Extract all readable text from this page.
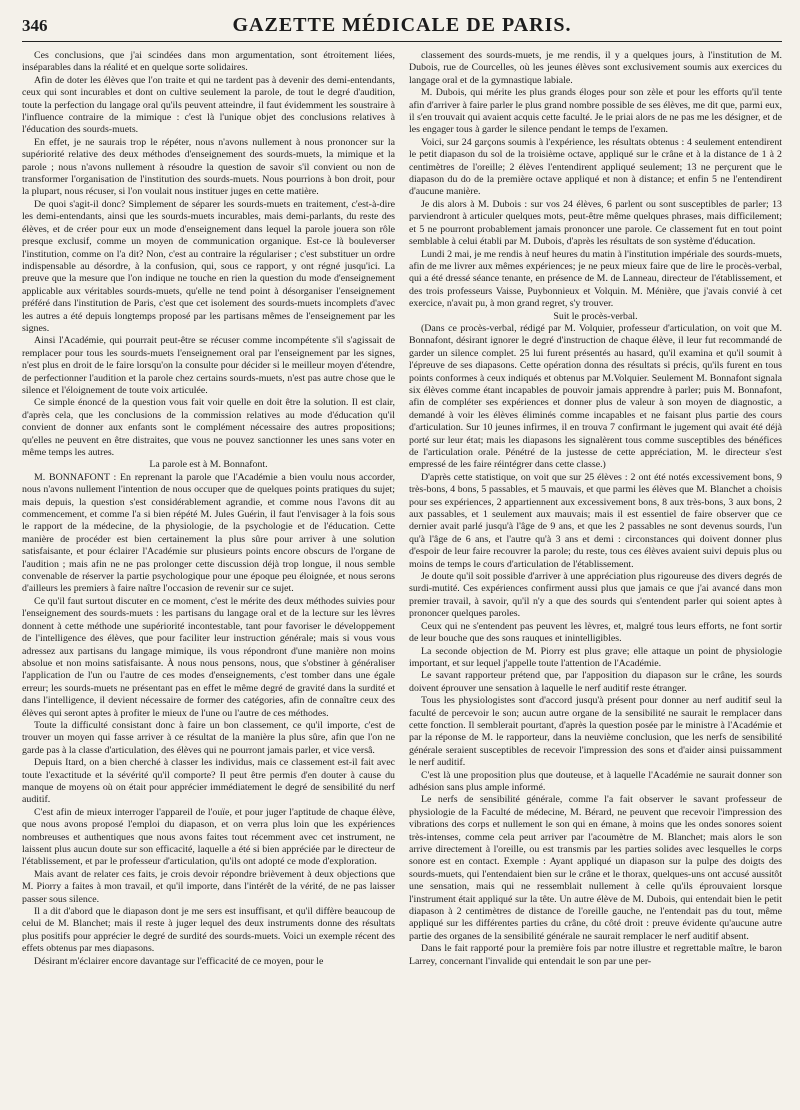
346	GAZETTE MÉDICALE DE PARIS.

Ces conclusions, que j'ai scindées dans mon argumentation, sont étroitement liées, inséparables dans la réalité et en quelque sorte solidaires.

Afin de doter les élèves que l'on traite et qui ne tardent pas à devenir des demi-entendants, ceux qui sont incurables et dont on cultive seulement la parole, de tout le degré d'audition, toute la perfection du langage oral qu'ils peuvent atteindre, il faut évidemment les soustraire à l'influence contraire de la mimique : c'est là l'unique objet des conclusions relatives à l'éducation des sourds-muets.

En effet, je ne saurais trop le répéter, nous n'avons nullement à nous prononcer sur la supériorité relative des deux méthodes d'enseignement des sourds-muets, la mimique et la parole ; nous n'avons nullement à résoudre la question de savoir s'il convient ou non de transformer l'organisation de l'institution des sourds-muets. Nous pourrions à bon droit, pour la plupart, nous récuser, si l'on voulait nous instituer juges en cette matière.

De quoi s'agit-il donc? Simplement de séparer les sourds-muets en traitement, c'est-à-dire les demi-entendants, ainsi que les sourds-muets incurables, mais demi-parlants, du reste des élèves, et de créer pour eux un mode d'enseignement dans lequel la parole jouera son rôle presque exclusif, comme un moyen de communication organique. Est-ce là bouleverser l'institution, comme on l'a dit? Non, c'est au contraire la régulariser ; c'est substituer un ordre indispensable au désordre, à la confusion, qui, sous ce rapport, y ont régné jusqu'ici. La preuve que la mesure que l'on indique ne touche en rien la question du mode d'enseignement applicable aux véritables sourds-muets, qu'elle ne tend point à désorganiser l'enseignement préféré dans l'institution de Paris, c'est que cet isolement des sourds-muets incomplets d'avec les autres a été depuis longtemps proposé par les partisans mêmes de l'enseignement par les signes.

Ainsi l'Académie, qui pourrait peut-être se récuser comme incompétente s'il s'agissait de remplacer pour tous les sourds-muets l'enseignement oral par l'enseignement par les signes, n'est plus en droit de le faire lorsqu'on la consulte pour décider si le meilleur moyen d'étendre, de perfectionner l'audition et la parole chez certains sourds-muets, n'est pas autre chose que le silence et l'éloignement de toute voix articulée.

Ce simple énoncé de la question vous fait voir quelle en doit être la solution. Il est clair, d'après cela, que les conclusions de la commission relatives au mode d'éducation qu'il convient de donner aux enfants sont le complément nécessaire des autres propositions; qu'elles ne peuvent en être distraites, que vous ne pouvez sanctionner les unes sans voter en même temps les autres.

La parole est à M. Bonnafont.

M. BONNAFONT : En reprenant la parole que l'Académie a bien voulu nous accorder, nous n'avons nullement l'intention de nous occuper que de quelques points pratiques du sujet; mais depuis, la question s'est considérablement agrandie, et comme nous l'avons dit au commencement, et comme l'a si bien répété M. Jules Guérin, il faut l'envisager à la fois sous le rapport de la médecine, de la physiologie, de la psychologie et de l'éducation. Cette manière de procéder est bien certainement la plus sûre pour arriver à une solution satisfaisante, et pour éclairer l'Académie sur plusieurs points encore obscurs de l'organe de l'audition ; mais afin ne ne pas prolonger cette discussion déjà trop longue, il nous semble convenable de réserver la partie psychologique pour une époque peu éloignée, et nous serons d'ailleurs les premiers à faire naître l'occasion de revenir sur ce sujet.

Ce qu'il faut surtout discuter en ce moment, c'est le mérite des deux méthodes suivies pour l'enseignement des sourds-muets : les partisans du langage oral et de la lecture sur les lèvres donnent à cette méthode une supériorité incontestable, tant pour favoriser le développement de l'intelligence des élèves, que pour faciliter leur instruction générale; mais si vous vous adressez aux partisans du langage mimique, ils vous répondront d'une manière non moins absolue et non moins satisfaisante. À nous nous pensons, nous, que s'obstiner à généraliser l'application de l'un ou l'autre de ces modes d'enseignements, c'est tomber dans une égale erreur; les sourds-muets ne présentant pas en effet le même degré de gravité dans la surdité et dans l'intelligence, il devient nécessaire de former des catégories, afin de connaître ceux des élèves qui seront aptes à profiter le mieux de l'une ou l'autre de ces méthodes.

Toute la difficulté consistant donc à faire un bon classement, ce qu'il importe, c'est de trouver un moyen qui fasse arriver à ce résultat de la manière la plus sûre, afin que l'on ne garde pas à la classe d'articulation, des élèves qui ne pourront jamais parler, et vice versâ.

Depuis Itard, on a bien cherché à classer les individus, mais ce classement est-il fait avec toute l'exactitude et la sévérité qu'il comporte? Il peut être permis d'en douter à cause du manque de moyens où on était pour apprécier immédiatement le degré de sensibilité du nerf auditif.

C'est afin de mieux interroger l'appareil de l'ouïe, et pour juger l'aptitude de chaque élève, que nous avons proposé l'emploi du diapason, et on verra plus loin que les expériences nombreuses et authentiques que nous avons faites tout récemment avec cet instrument, ne laissent plus aucun doute sur son efficacité, laquelle a été si bien appréciée par le directeur de l'établissement, et par le professeur d'articulation, qu'ils ont adopté ce mode d'exploration.

Mais avant de relater ces faits, je crois devoir répondre brièvement à deux objections que M. Piorry a faites à mon travail, et qu'il importe, dans l'intérêt de la vérité, de ne pas laisser passer sous silence.

Il a dit d'abord que le diapason dont je me sers est insuffisant, et qu'il diffère beaucoup de celui de M. Blanchet; mais il reste à juger lequel des deux instruments donne des résultats plus positifs pour apprécier le degré de surdité des sourds-muets. Voici un exemple récent des effets obtenus par mes diapasons.

Désirant m'éclairer encore davantage sur l'efficacité de ce moyen, pour le

classement des sourds-muets, je me rendis, il y a quelques jours, à l'institution de M. Dubois, rue de Courcelles, où les jeunes élèves sont exclusivement soumis aux exercices du langage oral et de la gymnastique labiale.

M. Dubois, qui mérite les plus grands éloges pour son zèle et pour les efforts qu'il tente afin d'arriver à faire parler le plus grand nombre possible de ses élèves, me dit que, parmi eux, il s'en trouvait qui avaient acquis cette faculté. Je le priai alors de ne pas me les désigner, et de les engager tous à garder le silence pendant le temps de l'examen.

Voici, sur 24 garçons soumis à l'expérience, les résultats obtenus : 4 seulement entendirent le petit diapason du sol de la troisième octave, appliqué sur le crâne et à la distance de 1 à 2 centimètres de l'oreille; 2 élèves l'entendirent appliqué seulement; 13 ne perçurent que le diapason du do de la première octave appliqué et non à distance; et enfin 5 ne l'entendirent d'aucune manière.

Je dis alors à M. Dubois : sur vos 24 élèves, 6 parlent ou sont susceptibles de parler; 13 parviendront à articuler quelques mots, peut-être même quelques phrases, mais difficilement; et 5 ne pourront probablement jamais prononcer une parole. Ce classement fut en tout point semblable à celui établi par M. Dubois, d'après les résultats de son système d'éducation.

Lundi 2 mai, je me rendis à neuf heures du matin à l'institution impériale des sourds-muets, afin de me livrer aux mêmes expériences; je ne peux mieux faire que de lire le procès-verbal, qui a été dressé séance tenante, en présence de M. de Lanneau, directeur de l'établissement, et des trois professeurs Vaisse, Puybonnieux et Volquin. M. Ménière, que j'avais convié à cet exercice, n'avait pu, à mon grand regret, s'y trouver.

Suit le procès-verbal.

(Dans ce procès-verbal, rédigé par M. Volquier, professeur d'articulation, on voit que M. Bonnafont, désirant ignorer le degré d'instruction de chaque élève, il leur fut recommandé de garder un silence complet. 25 lui furent présentés au hasard, qu'il examina et qu'il soumit à l'épreuve de ses diapasons. Cette opération donna des résultats si précis, qu'ils furent en tous points conformes à ceux indiqués et obtenus par M.Volquier. Seulement M. Bonnafont signala six élèves comme étant incapables de pouvoir jamais apprendre à parler; puis M. Bonnafont, afin de compléter ses expériences et donner plus de valeur à son moyen de diagnostic, a demandé à voir les élèves éliminés comme incapables et ne faisant plus partie des cours d'articulation. Sur 10 jeunes infirmes, il en trouva 7 confirmant le jugement qui avait été déjà porté sur leur état; mais les diapasons les signalèrent tous comme susceptibles des bénéfices de l'articulation orale. Pénétré de la justesse de cette appréciation, M. le directeur s'est empressé de les faire réintégrer dans cette classe.)

D'après cette statistique, on voit que sur 25 élèves : 2 ont été notés excessivement bons, 9 très-bons, 4 bons, 5 passables, et 5 mauvais, et que parmi les élèves que M. Blanchet a choisis pour ses expériences, 2 appartiennent aux excessivement bons, 8 aux très-bons, 3 aux bons, 2 aux passables, et 1 seulement aux mauvais; mais il est essentiel de faire observer que ce dernier avait parlé jusqu'à l'âge de 9 ans, et que les 2 passables ne sont devenus sourds, l'un qu'à l'âge de 6 ans, et l'autre qu'à 3 ans et demi : circonstances qui doivent donner plus d'espoir de leur faire recouvrer la parole; du reste, tous ces élèves avaient suivi depuis plus ou moins de temps le cours d'articulation de l'établissement.

Je doute qu'il soit possible d'arriver à une appréciation plus rigoureuse des divers degrés de surdi-mutité. Ces expériences confirment aussi plus que jamais ce que j'ai avancé dans mon premier travail, à savoir, qu'il n'y a que des sourds qui s'entendent parler qui soient aptes à prononcer quelques paroles.

Ceux qui ne s'entendent pas peuvent les lèvres, et, malgré tous leurs efforts, ne font sortir de leur bouche que des sons rauques et inintelligibles.

La seconde objection de M. Piorry est plus grave; elle attaque un point de physiologie important, et sur lequel j'appelle toute l'attention de l'Académie.

Le savant rapporteur prétend que, par l'apposition du diapason sur le crâne, les sourds doivent éprouver une sensation à laquelle le nerf auditif reste étranger.

Tous les physiologistes sont d'accord jusqu'à présent pour donner au nerf auditif seul la faculté de percevoir le son; aucun autre organe de la sensibilité ne saurait le remplacer dans cette fonction. Il semblerait pourtant, d'après la question posée par le ministre à l'Académie et par la réponse de M. le rapporteur, dans la neuvième conclusion, que les nerfs de sensibilité générale seraient susceptibles de recevoir l'impression des sons et d'aider ainsi puissamment le nerf auditif.

C'est là une proposition plus que douteuse, et à laquelle l'Académie ne saurait donner son adhésion sans plus ample informé.

Le nerfs de sensibilité générale, comme l'a fait observer le savant professeur de physiologie de la Faculté de médecine, M. Bérard, ne peuvent que recevoir l'impression des vibrations des corps et nullement le son qui en émane, à moins que les ondes sonores soient très-intenses, comme cela peut arriver par l'acoumètre de M. Blanchet; mais alors le son arrive directement à l'oreille, ou est transmis par les parties solides avec lesquelles le corps sonore est en contact. Exemple : Ayant appliqué un diapason sur la pulpe des doigts des sourds-muets, qui l'entendaient bien sur le crâne et le thorax, quelques-uns ont accusé aussitôt une sensation, mais qui ne ressemblait nullement à celle qu'ils éprouvaient lorsque l'instrument était appliqué sur la tête. Un autre élève de M. Dubois, qui entendait bien le petit diapason à 2 centimètres de distance de l'oreille gauche, ne l'entendait pas du tout, même appliqué sur les différentes parties du crâne, du côté droit : preuve évidente qu'aucune autre partie des organes de la sensibilité générale ne saurait remplacer le nerf auditif absent.

Dans le fait rapporté pour la première fois par notre illustre et regrettable maître, le baron Larrey, concernant l'invalide qui entendait le son par une per-
